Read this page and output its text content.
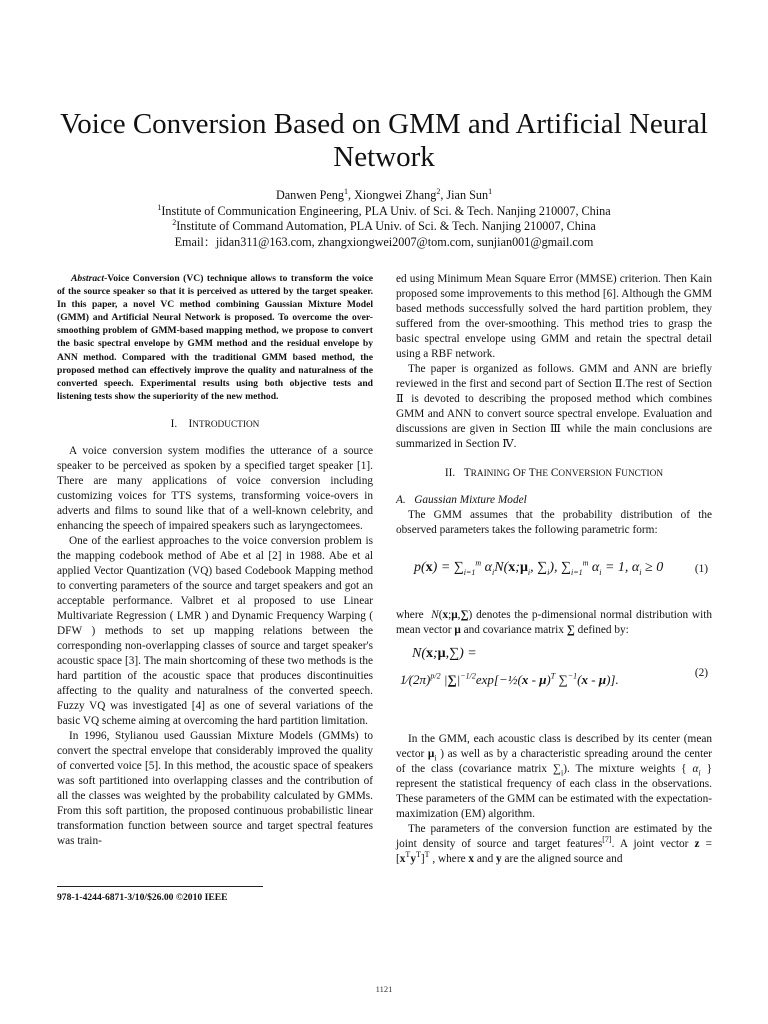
Voice Conversion Based on GMM and Artificial Neural Network
Danwen Peng$^1$, Xiongwei Zhang$^2$, Jian Sun$^1$
$^1$Institute of Communication Engineering, PLA Univ. of Sci. & Tech. Nanjing 210007, China
$^2$Institute of Command Automation, PLA Univ. of Sci. & Tech. Nanjing 210007, China
Email：jidan311@163.com, zhangxiongwei2007@tom.com, sunjian001@gmail.com

Abstract-Voice Conversion (VC) technique allows to transform the voice of the source speaker so that it is perceived as uttered by the target speaker. In this paper, a novel VC method combining Gaussian Mixture Model (GMM) and Artificial Neural Network is proposed. To overcome the over-smoothing problem of GMM-based mapping method, we propose to convert the basic spectral envelope by GMM method and the residual envelope by ANN method. Compared with the traditional GMM based method, the proposed method can effectively improve the quality and naturalness of the converted speech. Experimental results using both objective tests and listening tests show the superiority of the new method.

I. INTRODUCTION

A voice conversion system modifies the utterance of a source speaker to be perceived as spoken by a specified target speaker [1]. There are many applications of voice conversion including customizing voices for TTS systems, transforming voice-overs in adverts and films to sound like that of a well-known celebrity, and enhancing the speech of impaired speakers such as laryngectomees.

One of the earliest approaches to the voice conversion problem is the mapping codebook method of Abe et al [2] in 1988. Abe et al applied Vector Quantization (VQ) based Codebook Mapping method to converting parameters of the source and target speakers and got an acceptable performance. Valbret et al proposed to use Linear Multivariate Regression ( LMR ) and Dynamic Frequency Warping ( DFW ) methods to set up mapping relations between the corresponding non-overlapping classes of source and target speaker's acoustic space [3]. The main shortcoming of these two methods is the hard partition of the acoustic space that produces discontinuities affecting to the quality and naturalness of the converted speech. Fuzzy VQ was investigated [4] as one of several variations of the basic VQ scheme aiming at overcoming the hard partition limitation.

In 1996, Stylianou used Gaussian Mixture Models (GMMs) to convert the spectral envelope that considerably improved the quality of converted voice [5]. In this method, the acoustic space of speakers was soft partitioned into overlapping classes and the contribution of all the classes was weighted by the probability calculated by GMMs. From this soft partition, the proposed continuous probabilistic linear transformation function between source and target spectral features was train-

ed using Minimum Mean Square Error (MMSE) criterion. Then Kain proposed some improvements to this method [6]. Although the GMM based methods successfully solved the hard partition problem, they suffered from the over-smoothing. This method tries to grasp the basic spectral envelope using GMM and retain the spectral detail using a RBF network.

The paper is organized as follows. GMM and ANN are briefly reviewed in the first and second part of Section Ⅱ.The rest of Section Ⅱ is devoted to describing the proposed method which combines GMM and ANN to convert source spectral envelope. Evaluation and discussions are given in Section Ⅲ while the main conclusions are summarized in Section Ⅳ.

II. TRAINING OF THE CONVERSION FUNCTION
A. Gaussian Mixture Model

The GMM assumes that the probability distribution of the observed parameters takes the following parametric form:

$p(x) = \sum_{i=1}^m$ $\alpha_iN(x;\mu_i$, $\sum_i$), $\sum_{i=1}^m$ $\alpha_i = 1$, $\alpha_i \ge 0$	(1)

where N(x;μ,∑) denotes the p-dimensional normal distribution with mean vector μ and covariance matrix ∑ defined by:

N(x;μ,∑) =
$1⁄(2\pi)^{p/2}$ $|\sum|^{-1/2}\exp[-\frac{1}{2}(x - \mu)^T$ ∑$^{-1}$(x - μ)].	(2)

In the GMM, each acoustic class is described by its center (mean vector $\mu_i$ ) as well as by a characteristic spreading around the center of the class (covariance matrix $\sum_i$). The mixture weights { $\alpha_i$ } represent the statistical frequency of each class in the observations. These parameters of the GMM can be estimated with the expectation-maximization (EM) algorithm.

The parameters of the conversion function are estimated by the joint density of source and target features[7]. A joint vector $z = [x^Ty^T]^T$ , where x and y are the aligned source and

978-1-4244-6871-3/10/$26.00 ©2010 IEEE
1121
